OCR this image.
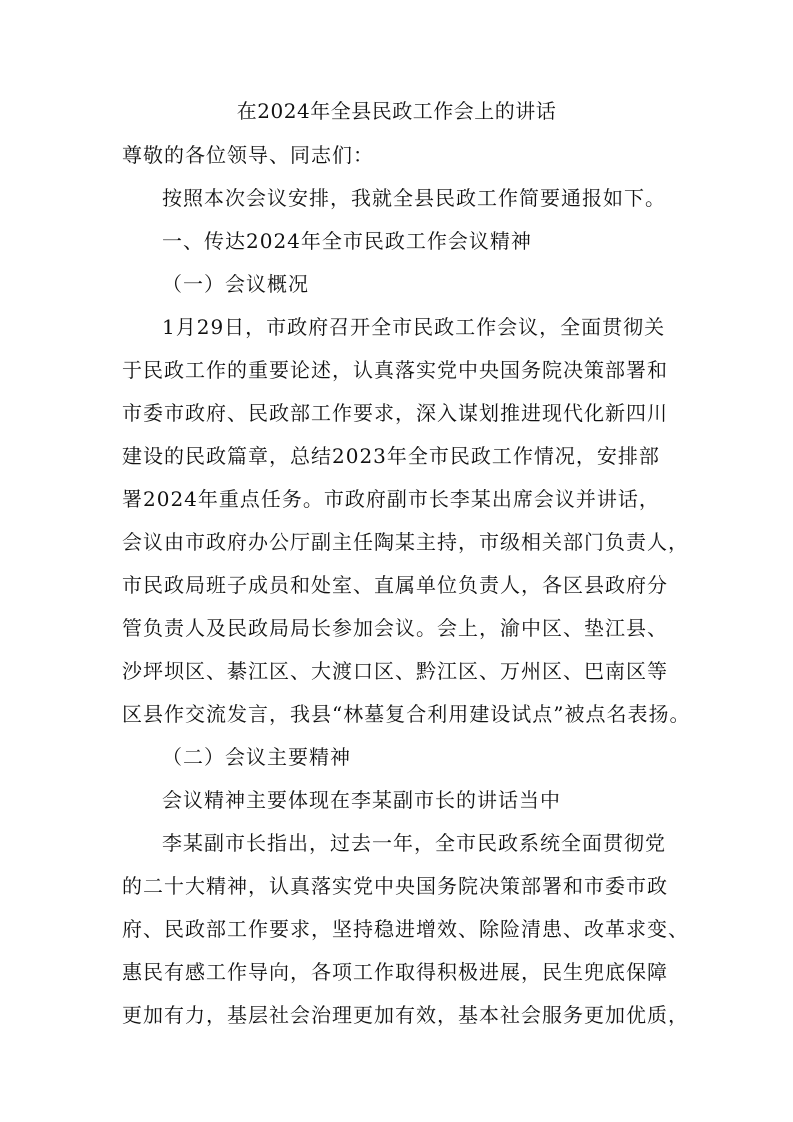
在2024年全县民政工作会上的讲话
尊敬的各位领导、同志们：
按照本次会议安排，我就全县民政工作简要通报如下。
一、传达2024年全市民政工作会议精神
（一）会议概况
1月29日，市政府召开全市民政工作会议，全面贯彻关
于民政工作的重要论述，认真落实党中央国务院决策部署和
市委市政府、民政部工作要求，深入谋划推进现代化新四川
建设的民政篇章，总结2023年全市民政工作情况，安排部
署2024年重点任务。市政府副市长李某出席会议并讲话，
会议由市政府办公厅副主任陶某主持，市级相关部门负责人，
市民政局班子成员和处室、直属单位负责人，各区县政府分
管负责人及民政局局长参加会议。会上，渝中区、垫江县、
沙坪坝区、綦江区、大渡口区、黔江区、万州区、巴南区等
区县作交流发言，我县“林墓复合利用建设试点”被点名表扬。
（二）会议主要精神
会议精神主要体现在李某副市长的讲话当中
李某副市长指出，过去一年，全市民政系统全面贯彻党
的二十大精神，认真落实党中央国务院决策部署和市委市政
府、民政部工作要求，坚持稳进增效、除险清患、改革求变、
惠民有感工作导向，各项工作取得积极进展，民生兜底保障
更加有力，基层社会治理更加有效，基本社会服务更加优质，
